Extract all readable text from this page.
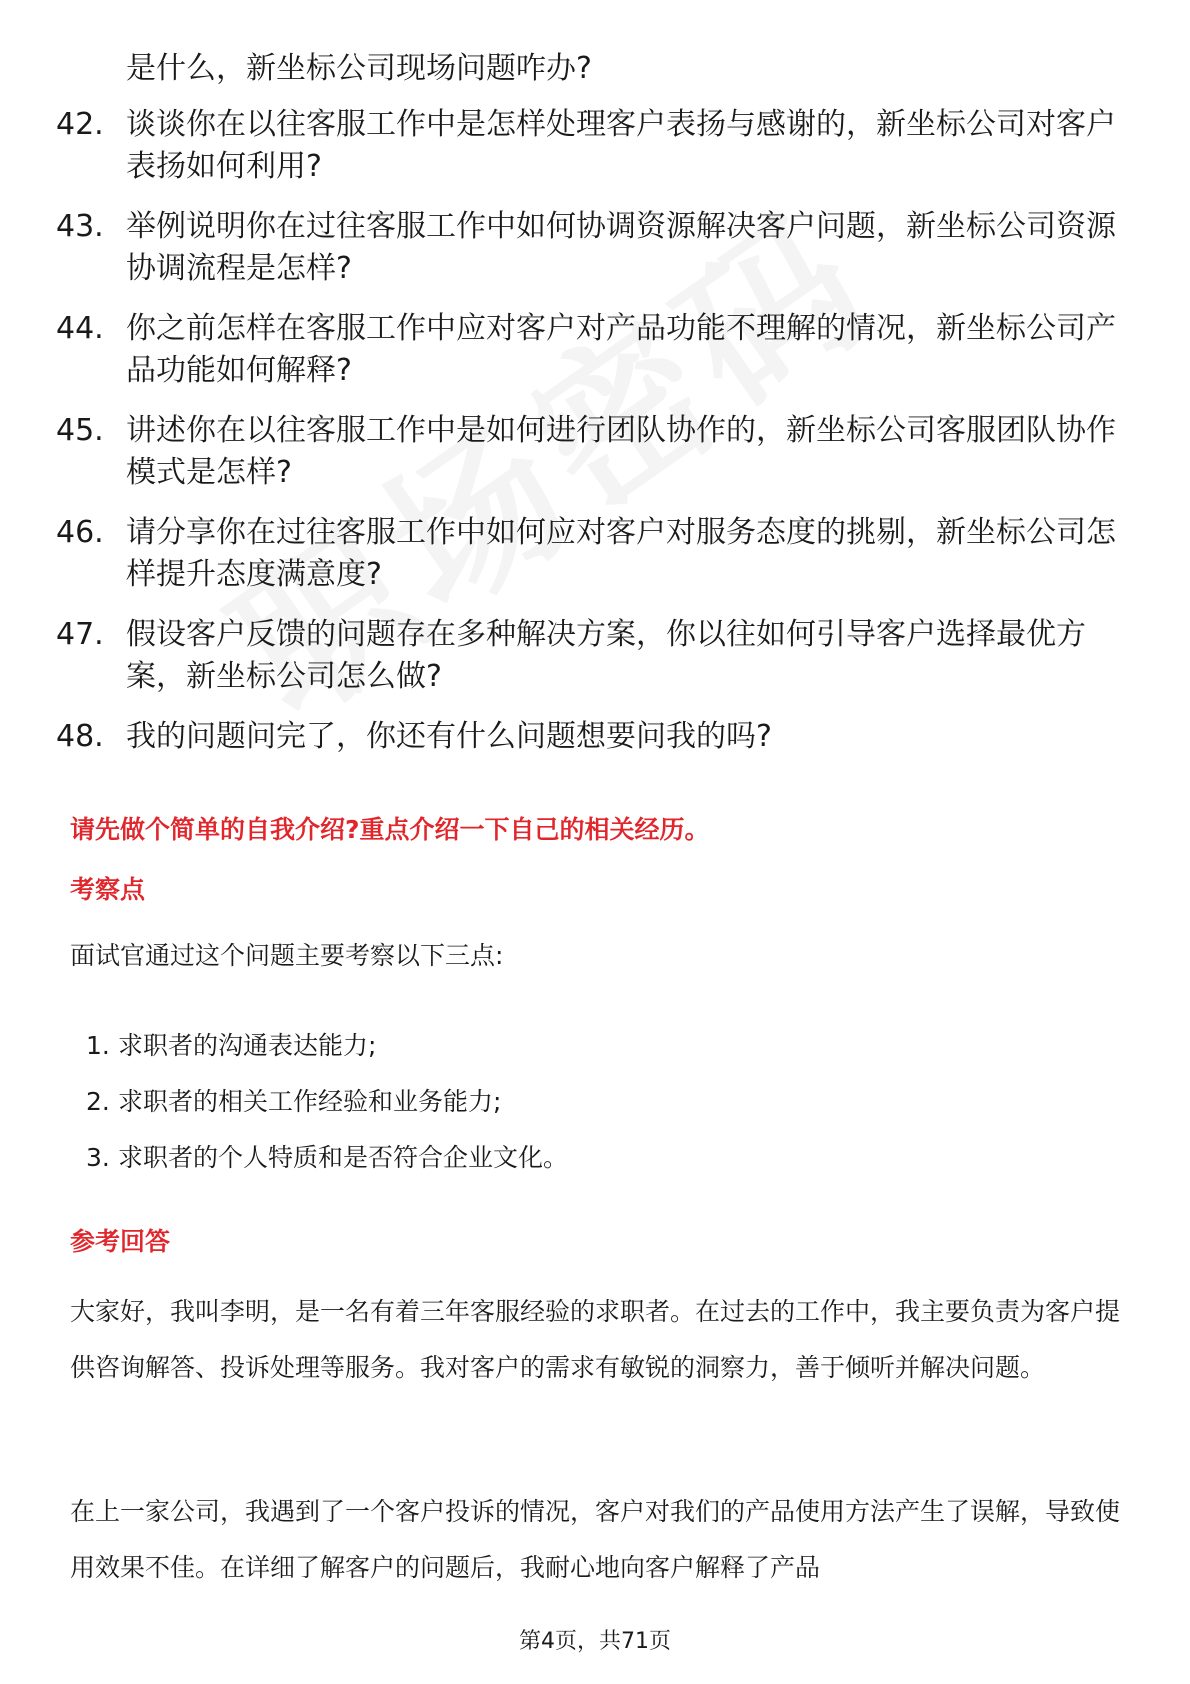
是什么，新坐标公司现场问题咋办?

42. 谈谈你在以往客服工作中是怎样处理客户表扬与感谢的，新坐标公司对客户表扬如何利用?
43. 举例说明你在过往客服工作中如何协调资源解决客户问题，新坐标公司资源协调流程是怎样?
44. 你之前怎样在客服工作中应对客户对产品功能不理解的情况，新坐标公司产品功能如何解释?
45. 讲述你在以往客服工作中是如何进行团队协作的，新坐标公司客服团队协作模式是怎样?
46. 请分享你在过往客服工作中如何应对客户对服务态度的挑剔，新坐标公司怎样提升态度满意度?
47. 假设客户反馈的问题存在多种解决方案，你以往如何引导客户选择最优方案，新坐标公司怎么做?
48. 我的问题问完了，你还有什么问题想要问我的吗?

请先做个简单的自我介绍?重点介绍一下自己的相关经历。

考察点

面试官通过这个问题主要考察以下三点:

1. 求职者的沟通表达能力;
2. 求职者的相关工作经验和业务能力;
3. 求职者的个人特质和是否符合企业文化。

参考回答

大家好，我叫李明，是一名有着三年客服经验的求职者。在过去的工作中，我主要负责为客户提供咨询解答、投诉处理等服务。我对客户的需求有敏锐的洞察力，善于倾听并解决问题。

在上一家公司，我遇到了一个客户投诉的情况，客户对我们的产品使用方法产生了误解，导致使用效果不佳。在详细了解客户的问题后，我耐心地向客户解释了产品

第4页，共71页
